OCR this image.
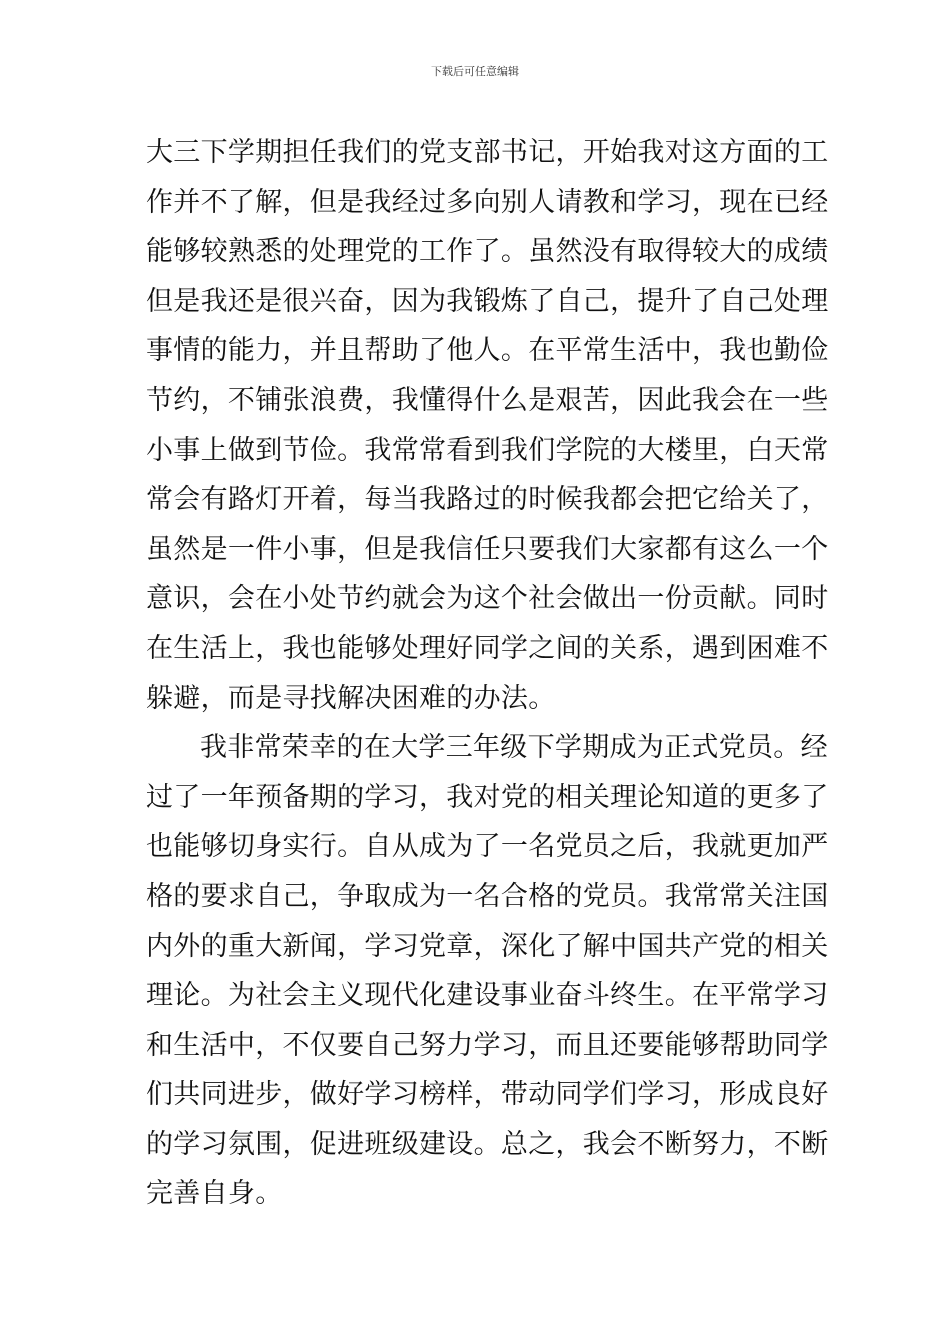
下载后可任意编辑
大三下学期担任我们的党支部书记，开始我对这方面的工
作并不了解，但是我经过多向别人请教和学习，现在已经
能够较熟悉的处理党的工作了。虽然没有取得较大的成绩
但是我还是很兴奋，因为我锻炼了自己，提升了自己处理
事情的能力，并且帮助了他人。在平常生活中，我也勤俭
节约，不铺张浪费，我懂得什么是艰苦，因此我会在一些
小事上做到节俭。我常常看到我们学院的大楼里，白天常
常会有路灯开着，每当我路过的时候我都会把它给关了，
虽然是一件小事，但是我信任只要我们大家都有这么一个
意识，会在小处节约就会为这个社会做出一份贡献。同时
在生活上，我也能够处理好同学之间的关系，遇到困难不
躲避，而是寻找解决困难的办法。
我非常荣幸的在大学三年级下学期成为正式党员。经
过了一年预备期的学习，我对党的相关理论知道的更多了
也能够切身实行。自从成为了一名党员之后，我就更加严
格的要求自己，争取成为一名合格的党员。我常常关注国
内外的重大新闻，学习党章，深化了解中国共产党的相关
理论。为社会主义现代化建设事业奋斗终生。在平常学习
和生活中，不仅要自己努力学习，而且还要能够帮助同学
们共同进步，做好学习榜样，带动同学们学习，形成良好
的学习氛围，促进班级建设。总之，我会不断努力，不断
完善自身。
